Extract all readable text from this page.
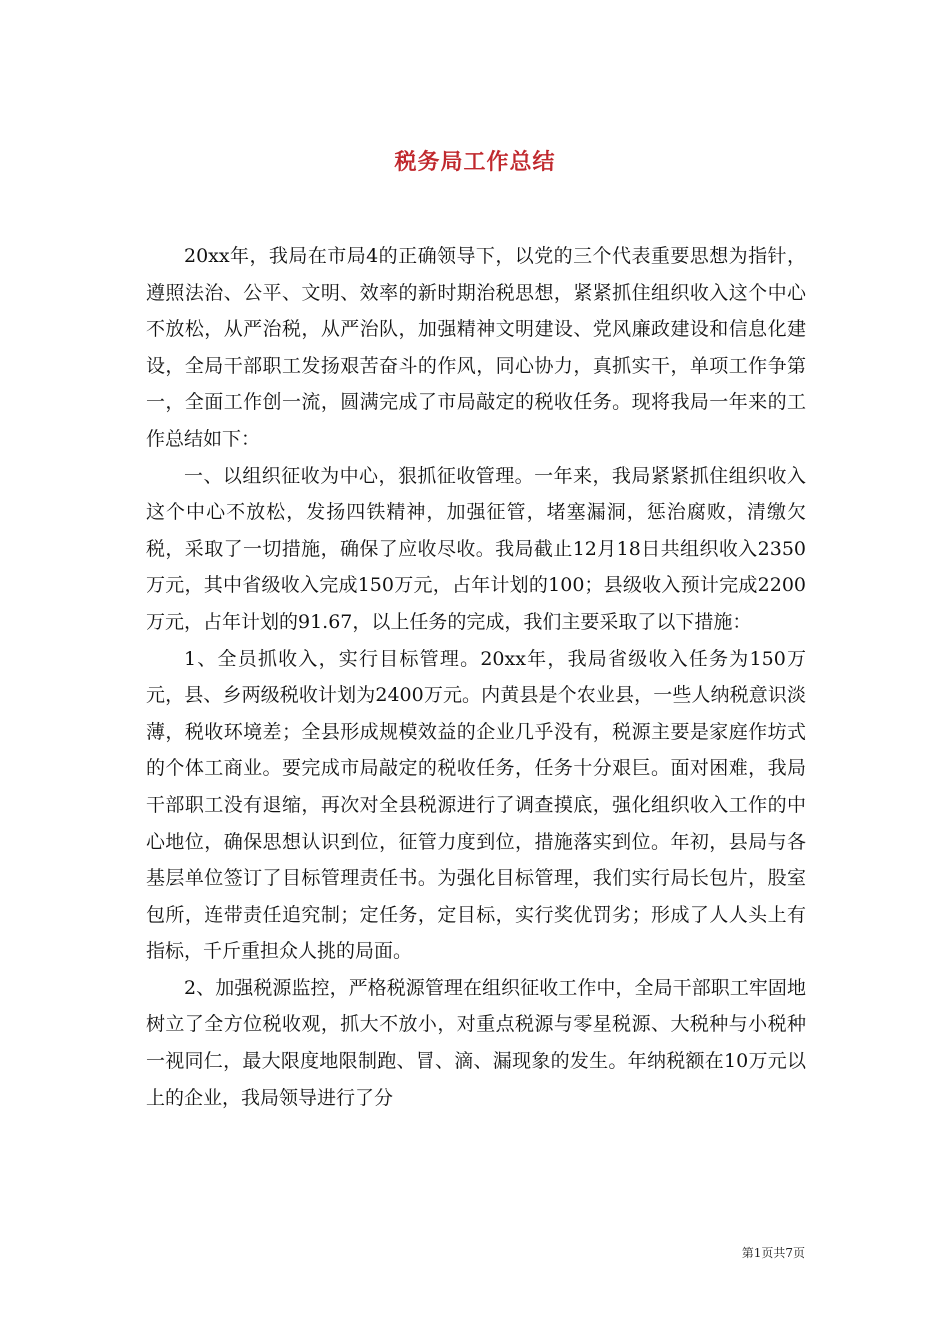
税务局工作总结

20xx年，我局在市局4的正确领导下，以党的三个代表重要思想为指针，遵照法治、公平、文明、效率的新时期治税思想，紧紧抓住组织收入这个中心不放松，从严治税，从严治队，加强精神文明建设、党风廉政建设和信息化建设，全局干部职工发扬艰苦奋斗的作风，同心协力，真抓实干，单项工作争第一，全面工作创一流，圆满完成了市局敲定的税收任务。现将我局一年来的工作总结如下：

一、以组织征收为中心，狠抓征收管理。一年来，我局紧紧抓住组织收入这个中心不放松，发扬四铁精神，加强征管，堵塞漏洞，惩治腐败，清缴欠税，采取了一切措施，确保了应收尽收。我局截止12月18日共组织收入2350万元，其中省级收入完成150万元，占年计划的100；县级收入预计完成2200万元，占年计划的91.67，以上任务的完成，我们主要采取了以下措施：

1、全员抓收入，实行目标管理。20xx年，我局省级收入任务为150万元，县、乡两级税收计划为2400万元。内黄县是个农业县，一些人纳税意识淡薄，税收环境差；全县形成规模效益的企业几乎没有，税源主要是家庭作坊式的个体工商业。要完成市局敲定的税收任务，任务十分艰巨。面对困难，我局干部职工没有退缩，再次对全县税源进行了调查摸底，强化组织收入工作的中心地位，确保思想认识到位，征管力度到位，措施落实到位。年初，县局与各基层单位签订了目标管理责任书。为强化目标管理，我们实行局长包片，股室包所，连带责任追究制；定任务，定目标，实行奖优罚劣；形成了人人头上有指标，千斤重担众人挑的局面。

2、加强税源监控，严格税源管理在组织征收工作中，全局干部职工牢固地树立了全方位税收观，抓大不放小，对重点税源与零星税源、大税种与小税种一视同仁，最大限度地限制跑、冒、滴、漏现象的发生。年纳税额在10万元以上的企业，我局领导进行了分

第1页共7页
